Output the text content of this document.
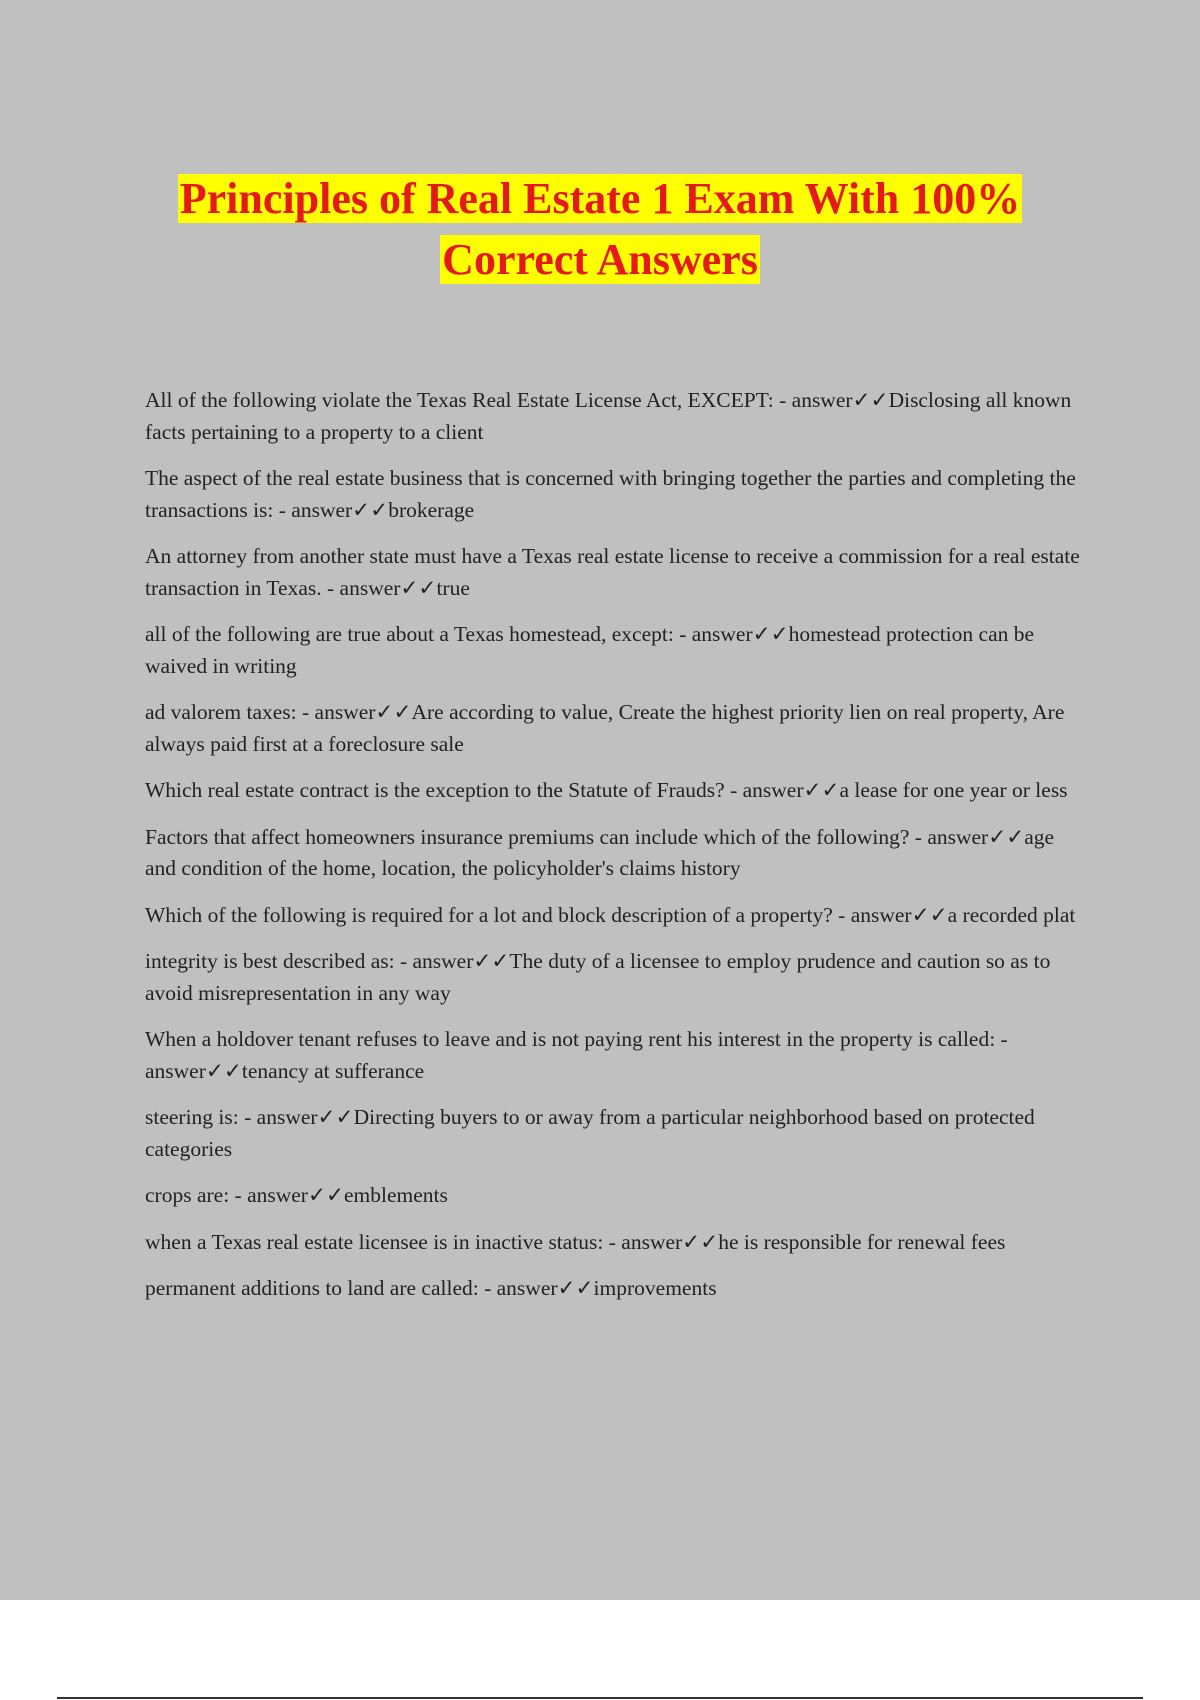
Principles of Real Estate 1 Exam With 100%
Correct Answers
All of the following violate the Texas Real Estate License Act, EXCEPT: - answer✓✓Disclosing all known facts pertaining to a property to a client
The aspect of the real estate business that is concerned with bringing together the parties and completing the transactions is: - answer✓✓brokerage
An attorney from another state must have a Texas real estate license to receive a commission for a real estate transaction in Texas. - answer✓✓true
all of the following are true about a Texas homestead, except: - answer✓✓homestead protection can be waived in writing
ad valorem taxes: - answer✓✓Are according to value, Create the highest priority lien on real property, Are always paid first at a foreclosure sale
Which real estate contract is the exception to the Statute of Frauds? - answer✓✓a lease for one year or less
Factors that affect homeowners insurance premiums can include which of the following? - answer✓✓age and condition of the home, location, the policyholder's claims history
Which of the following is required for a lot and block description of a property? - answer✓✓a recorded plat
integrity is best described as: - answer✓✓The duty of a licensee to employ prudence and caution so as to avoid misrepresentation in any way
When a holdover tenant refuses to leave and is not paying rent his interest in the property is called: - answer✓✓tenancy at sufferance
steering is: - answer✓✓Directing buyers to or away from a particular neighborhood based on protected categories
crops are: - answer✓✓emblements
when a Texas real estate licensee is in inactive status: - answer✓✓he is responsible for renewal fees
permanent additions to land are called: - answer✓✓improvements
